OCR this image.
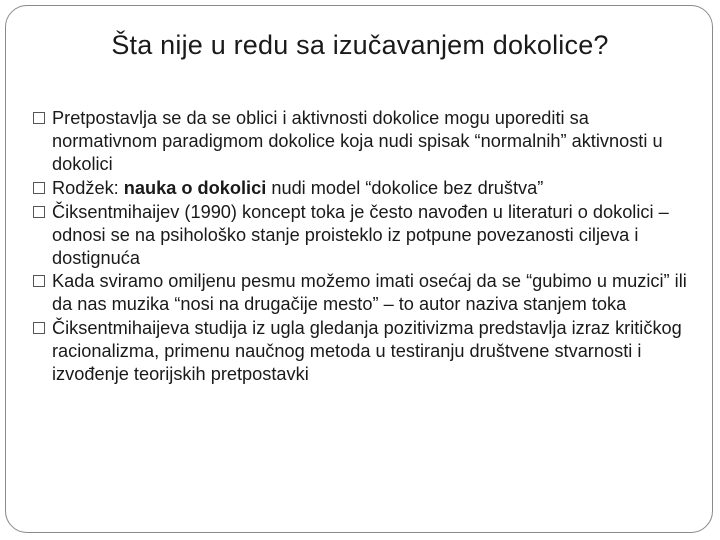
Šta nije u redu sa izučavanjem dokolice?
Pretpostavlja se da se oblici i aktivnosti dokolice mogu uporediti sa normativnom paradigmom dokolice koja nudi spisak “normalnih” aktivnosti u dokolici
Rodžek: nauka o dokolici nudi model “dokolice bez društva”
Čiksentmihaijev (1990) koncept toka je često navođen u literaturi o dokolici – odnosi se na psihološko stanje proisteklo iz potpune povezanosti ciljeva i dostignuća
Kada sviramo omiljenu pesmu možemo imati osećaj da se “gubimo u muzici” ili da nas muzika “nosi na drugačije mesto” – to autor naziva stanjem toka
Čiksentmihaijeva studija iz ugla gledanja pozitivizma predstavlja izraz kritičkog racionalizma, primenu naučnog metoda u testiranju društvene stvarnosti i izvođenje teorijskih pretpostavki
